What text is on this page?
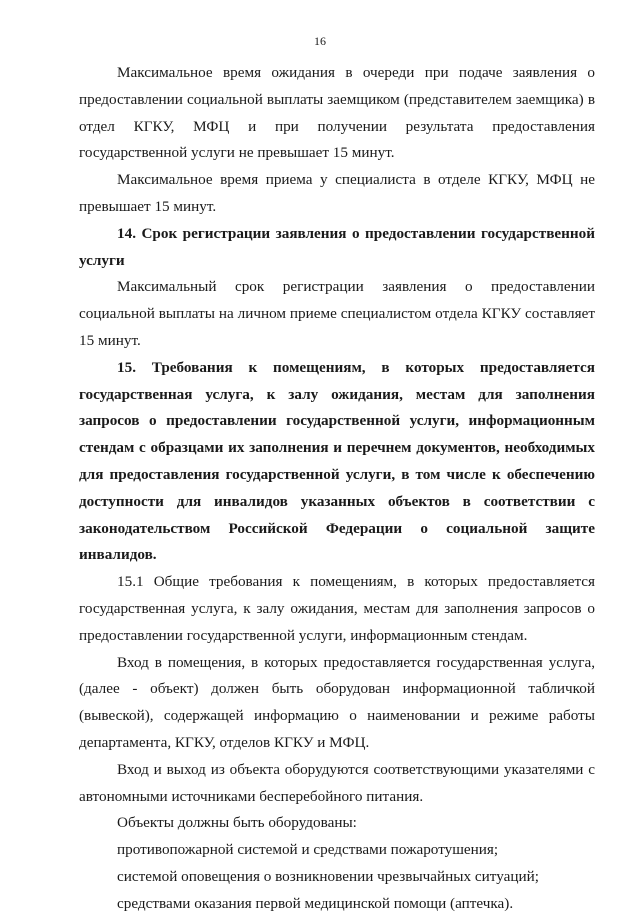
16

Максимальное время ожидания в очереди при подаче заявления о предоставлении социальной выплаты заемщиком (представителем заемщика) в отдел КГКУ, МФЦ и при получении результата предоставления государственной услуги не превышает 15 минут.

Максимальное время приема у специалиста в отделе КГКУ, МФЦ не превышает 15 минут.

14. Срок регистрации заявления о предоставлении государственной услуги

Максимальный срок регистрации заявления о предоставлении социальной выплаты на личном приеме специалистом отдела КГКУ составляет 15 минут.

15. Требования к помещениям, в которых предоставляется государственная услуга, к залу ожидания, местам для заполнения запросов о предоставлении государственной услуги, информационным стендам с образцами их заполнения и перечнем документов, необходимых для предоставления государственной услуги, в том числе к обеспечению доступности для инвалидов указанных объектов в соответствии с законодательством Российской Федерации о социальной защите инвалидов.

15.1 Общие требования к помещениям, в которых предоставляется государственная услуга, к залу ожидания, местам для заполнения запросов о предоставлении государственной услуги, информационным стендам.

Вход в помещения, в которых предоставляется государственная услуга, (далее - объект) должен быть оборудован информационной табличкой (вывеской), содержащей информацию о наименовании и режиме работы департамента, КГКУ, отделов КГКУ и МФЦ.

Вход и выход из объекта оборудуются соответствующими указателями с автономными источниками бесперебойного питания.

Объекты должны быть оборудованы:

противопожарной системой и средствами пожаротушения;

системой оповещения о возникновении чрезвычайных ситуаций;

средствами оказания первой медицинской помощи (аптечка).
